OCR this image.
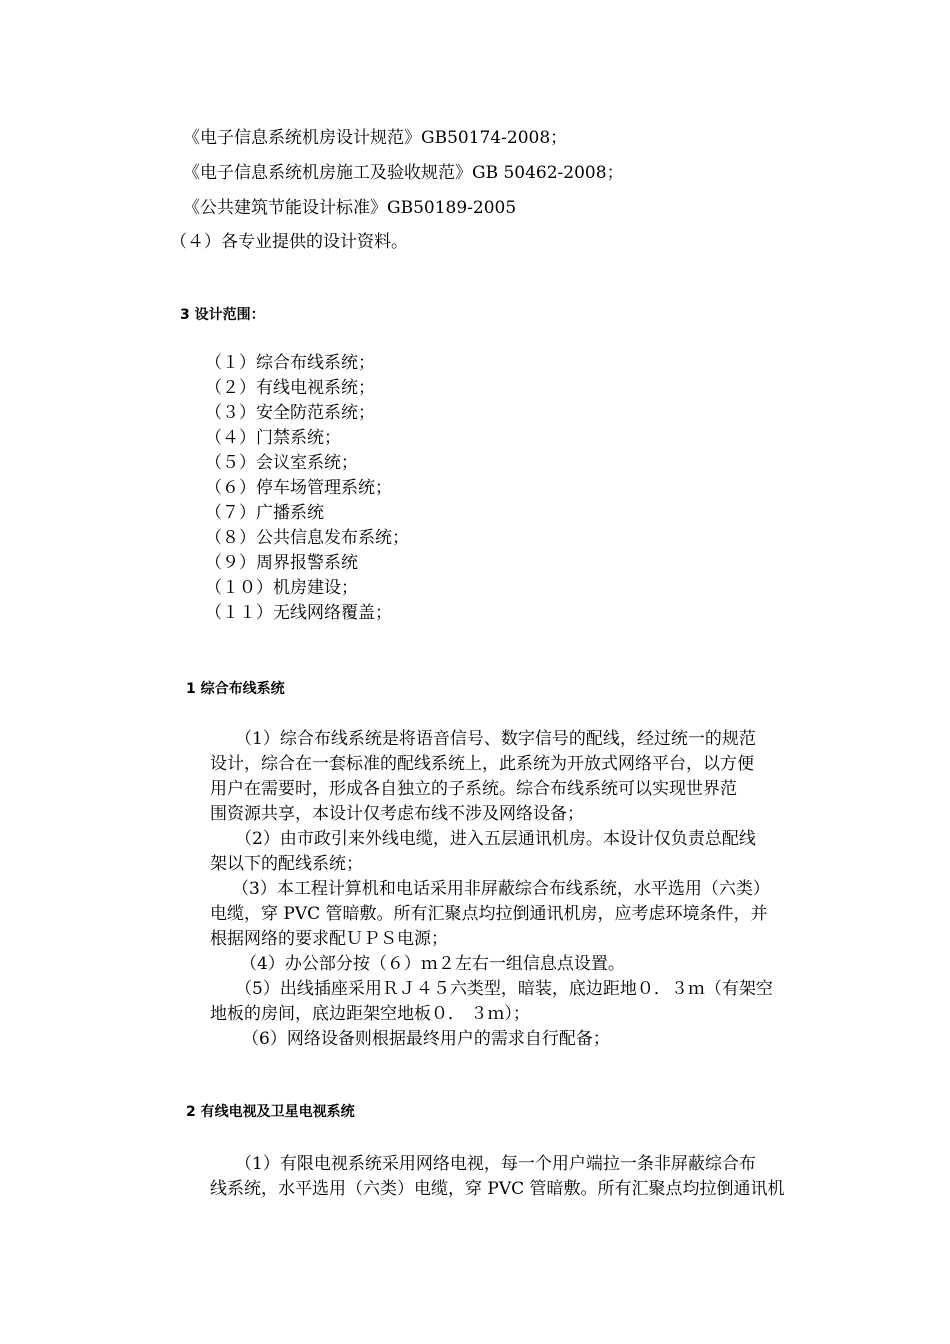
《电子信息系统机房设计规范》GB50174-2008；
《电子信息系统机房施工及验收规范》GB 50462-2008；
《公共建筑节能设计标准》GB50189-2005
（４）各专业提供的设计资料。
3 设计范围：
（１）综合布线系统；
（２）有线电视系统；
（３）安全防范系统；
（４）门禁系统；
（５）会议室系统；
（６）停车场管理系统；
（７）广播系统
（８）公共信息发布系统；
（９）周界报警系统
（１０）机房建设；
（１１）无线网络覆盖；
1 综合布线系统
（1）综合布线系统是将语音信号、数字信号的配线，经过统一的规范
设计，综合在一套标准的配线系统上，此系统为开放式网络平台，以方便
用户在需要时，形成各自独立的子系统。综合布线系统可以实现世界范
围资源共享，本设计仅考虑布线不涉及网络设备；
（2）由市政引来外线电缆，进入五层通讯机房。本设计仅负责总配线
架以下的配线系统；
（3）本工程计算机和电话采用非屏蔽综合布线系统，水平选用（六类）
电缆，穿 PVC 管暗敷。所有汇聚点均拉倒通讯机房，应考虑环境条件，并
根据网络的要求配ＵＰＳ电源；
（4）办公部分按（６）ｍ２左右一组信息点设置。
（5）出线插座采用ＲＪ４５六类型，暗装，底边距地０．３ｍ（有架空
地板的房间，底边距架空地板０． ３ｍ）；
（6）网络设备则根据最终用户的需求自行配备；
2 有线电视及卫星电视系统
（1）有限电视系统采用网络电视，每一个用户端拉一条非屏蔽综合布
线系统，水平选用（六类）电缆，穿 PVC 管暗敷。所有汇聚点均拉倒通讯机
